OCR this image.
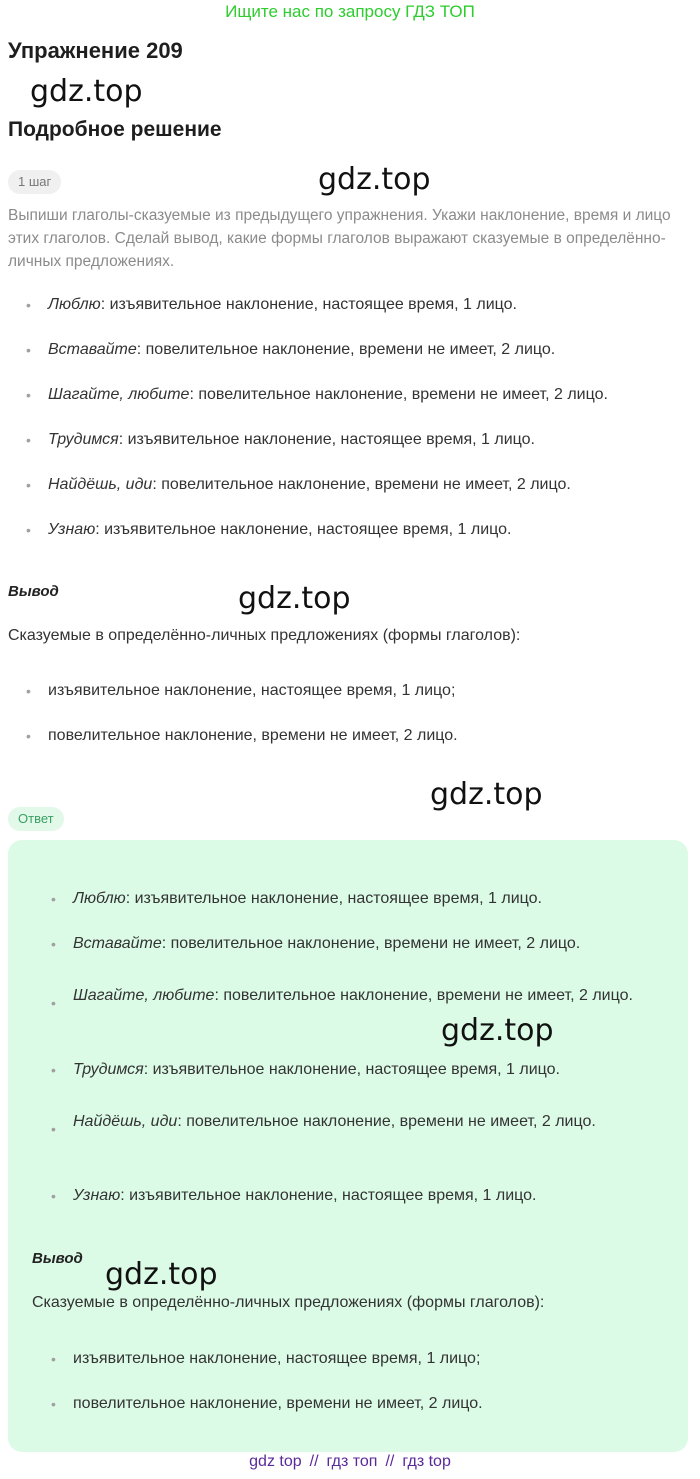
Ищите нас по запросу ГДЗ ТОП
Упражнение 209
gdz.top
Подробное решение
1 шаг	gdz.top

Выпиши глаголы-сказуемые из предыдущего упражнения. Укажи наклонение, время и лицо этих глаголов. Сделай вывод, какие формы глаголов выражают сказуемые в определённо-личных предложениях.

• Люблю: изъявительное наклонение, настоящее время, 1 лицо.
• Вставайте: повелительное наклонение, времени не имеет, 2 лицо.
• Шагайте, любите: повелительное наклонение, времени не имеет, 2 лицо.
• Трудимся: изъявительное наклонение, настоящее время, 1 лицо.
• Найдёшь, иди: повелительное наклонение, времени не имеет, 2 лицо.
• Узнаю: изъявительное наклонение, настоящее время, 1 лицо.
Вывод	gdz.top

Сказуемые в определённо-личных предложениях (формы глаголов):

• изъявительное наклонение, настоящее время, 1 лицо;
• повелительное наклонение, времени не имеет, 2 лицо.
gdz.top
Ответ
• Люблю: изъявительное наклонение, настоящее время, 1 лицо.
• Вставайте: повелительное наклонение, времени не имеет, 2 лицо.
• Шагайте, любите: повелительное наклонение, времени не имеет, 2 лицо.
• Трудимся: изъявительное наклонение, настоящее время, 1 лицо.
• Найдёшь, иди: повелительное наклонение, времени не имеет, 2 лицо.
• Узнаю: изъявительное наклонение, настоящее время, 1 лицо.
gdz.top
Вывод gdz.top

Сказуемые в определённо-личных предложениях (формы глаголов):

• изъявительное наклонение, настоящее время, 1 лицо;
• повелительное наклонение, времени не имеет, 2 лицо.
gdz top // гдз топ // гдз top
